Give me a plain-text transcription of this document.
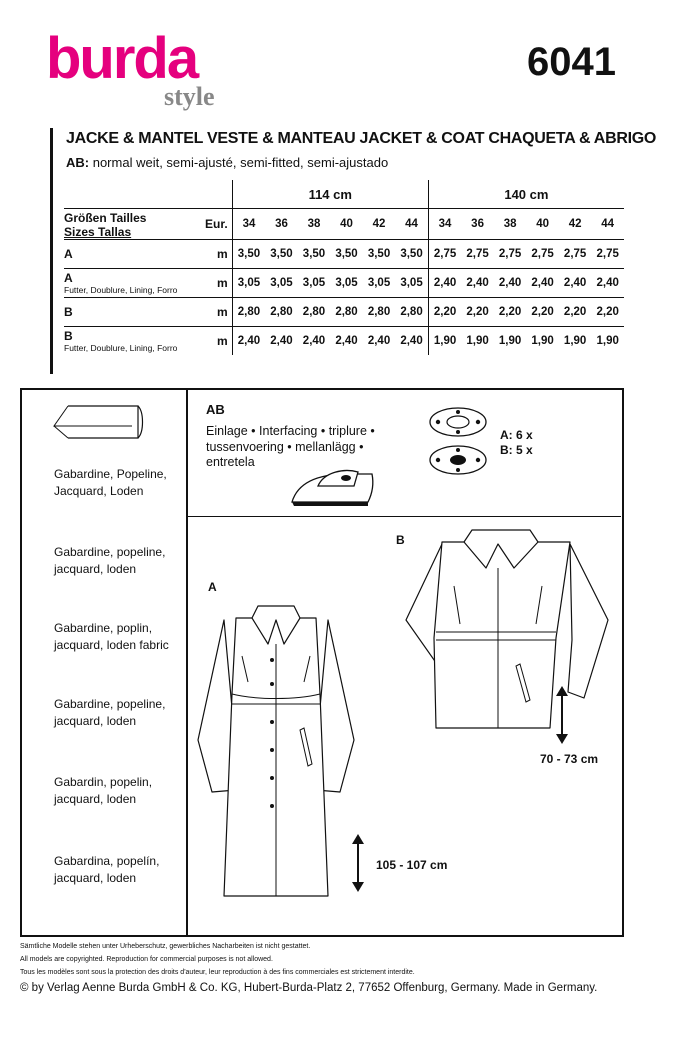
burda
style
6041
JACKE & MANTEL VESTE & MANTEAU JACKET & COAT CHAQUETA & ABRIGO
AB: normal weit, semi-ajusté, semi-fitted, semi-ajustado
		114 cm						140 cm					

Größen Tailles
Sizes Tallas	Eur.	34	36	38	40	42	44	34	36	38	40	42	44

A	m	3,50	3,50	3,50	3,50	3,50	3,50	2,75	2,75	2,75	2,75	2,75	2,75

A
Futter, Doublure, Lining, Forro	m	3,05	3,05	3,05	3,05	3,05	3,05	2,40	2,40	2,40	2,40	2,40	2,40

B	m	2,80	2,80	2,80	2,80	2,80	2,80	2,20	2,20	2,20	2,20	2,20	2,20

B
Futter, Doublure, Lining, Forro	m	2,40	2,40	2,40	2,40	2,40	2,40	1,90	1,90	1,90	1,90	1,90	1,90
Gabardine, Popeline,
Jacquard, Loden
Gabardine, popeline,
jacquard, loden
Gabardine, poplin,
jacquard, loden fabric
Gabardine, popeline,
jacquard, loden
Gabardin, popelin,
jacquard, loden
Gabardina, popelín,
jacquard, loden
AB
Einlage • Interfacing • triplure • tussenvoering • mellanlägg • entretela
A: 6 x
B: 5 x
A
B
70 - 73 cm
105 - 107 cm
Sämtliche Modelle stehen unter Urheberschutz, gewerbliches Nacharbeiten ist nicht gestattet.
All models are copyrighted. Reproduction for commercial purposes is not allowed.
Tous les modèles sont sous la protection des droits d'auteur, leur reproduction à des fins commerciales est strictement interdite.
© by Verlag Aenne Burda GmbH & Co. KG, Hubert-Burda-Platz 2, 77652 Offenburg, Germany. Made in Germany.
